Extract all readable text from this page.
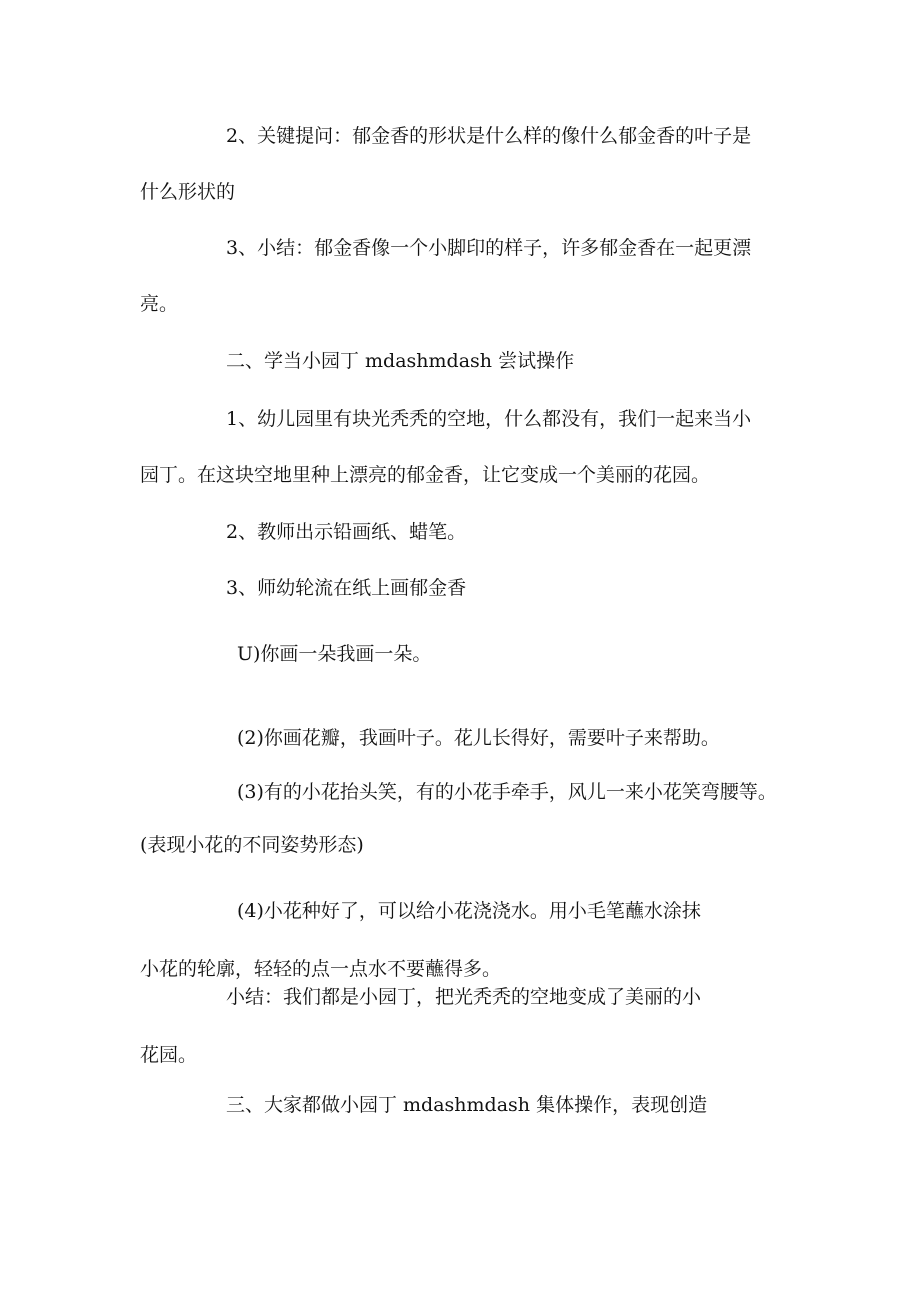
2、关键提问：郁金香的形状是什么样的像什么郁金香的叶子是
什么形状的
3、小结：郁金香像一个小脚印的样子，许多郁金香在一起更漂
亮。
二、学当小园丁 mdashmdash 尝试操作
1、幼儿园里有块光秃秃的空地，什么都没有，我们一起来当小
园丁。在这块空地里种上漂亮的郁金香，让它变成一个美丽的花园。
2、教师出示铅画纸、蜡笔。
3、师幼轮流在纸上画郁金香
U)你画一朵我画一朵。
(2)你画花瓣，我画叶子。花儿长得好，需要叶子来帮助。
(3)有的小花抬头笑，有的小花手牵手，风儿一来小花笑弯腰等。
(表现小花的不同姿势形态)
(4)小花种好了，可以给小花浇浇水。用小毛笔蘸水涂抹
小花的轮廓，轻轻的点一点水不要蘸得多。
小结：我们都是小园丁，把光秃秃的空地变成了美丽的小
花园。
三、大家都做小园丁 mdashmdash 集体操作，表现创造
